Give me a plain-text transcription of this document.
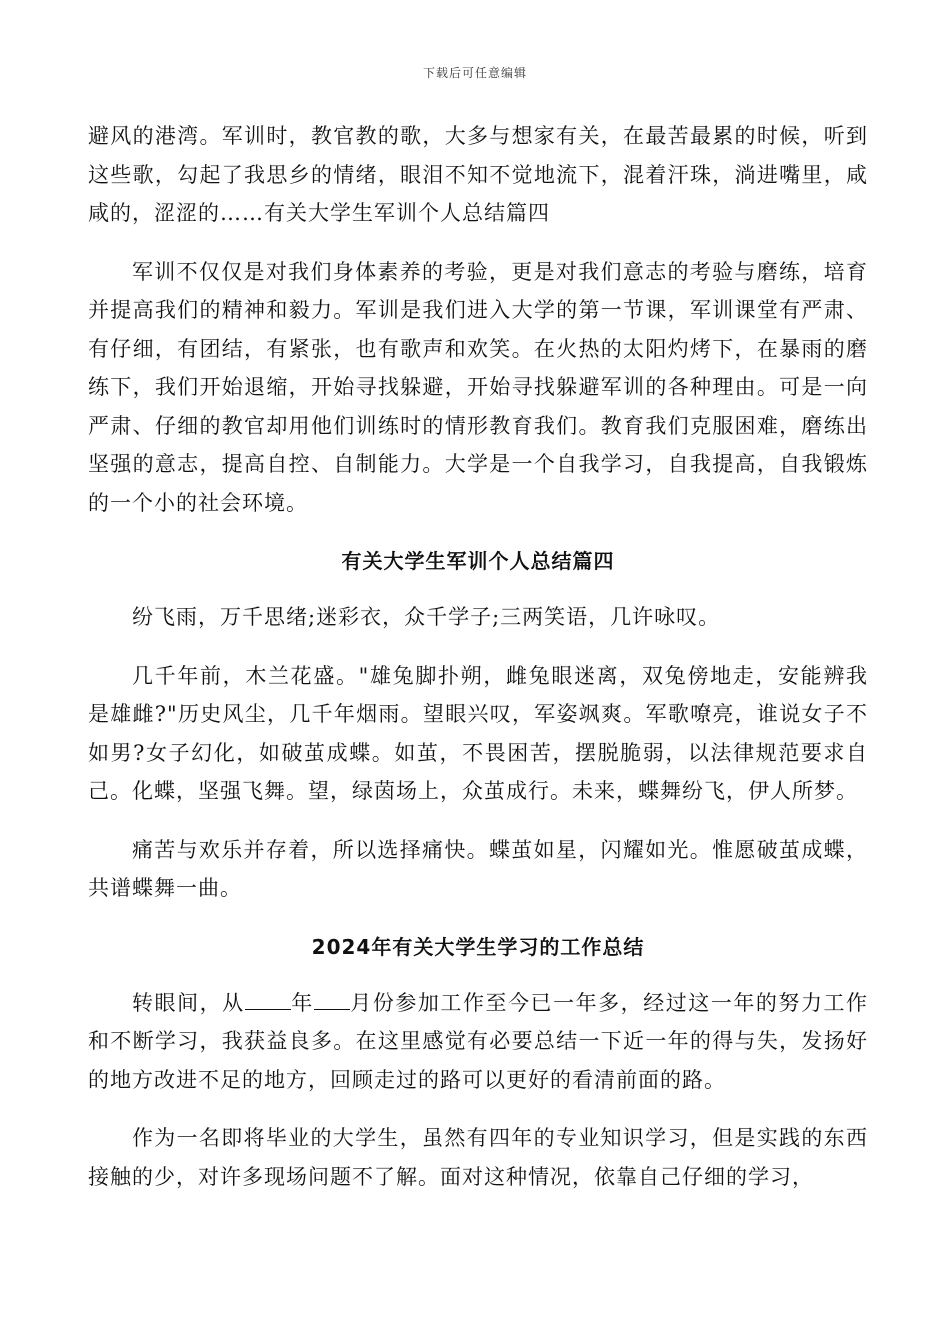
下载后可任意编辑

避风的港湾。军训时，教官教的歌，大多与想家有关，在最苦最累的时候，听到这些歌，勾起了我思乡的情绪，眼泪不知不觉地流下，混着汗珠，淌进嘴里，咸咸的，涩涩的……有关大学生军训个人总结篇四

军训不仅仅是对我们身体素养的考验，更是对我们意志的考验与磨练，培育并提高我们的精神和毅力。军训是我们进入大学的第一节课，军训课堂有严肃、有仔细，有团结，有紧张，也有歌声和欢笑。在火热的太阳灼烤下，在暴雨的磨练下，我们开始退缩，开始寻找躲避，开始寻找躲避军训的各种理由。可是一向严肃、仔细的教官却用他们训练时的情形教育我们。教育我们克服困难，磨练出坚强的意志，提高自控、自制能力。大学是一个自我学习，自我提高，自我锻炼的一个小的社会环境。

有关大学生军训个人总结篇四

纷飞雨，万千思绪;迷彩衣，众千学子;三两笑语，几许咏叹。

几千年前，木兰花盛。"雄兔脚扑朔，雌兔眼迷离，双兔傍地走，安能辨我是雄雌?"历史风尘，几千年烟雨。望眼兴叹，军姿飒爽。军歌嘹亮，谁说女子不如男?女子幻化，如破茧成蝶。如茧，不畏困苦，摆脱脆弱，以法律规范要求自己。化蝶，坚强飞舞。望，绿茵场上，众茧成行。未来，蝶舞纷飞，伊人所梦。

痛苦与欢乐并存着，所以选择痛快。蝶茧如星，闪耀如光。惟愿破茧成蝶，共谱蝶舞一曲。

2024年有关大学生学习的工作总结

转眼间，从 年 月份参加工作至今已一年多，经过这一年的努力工作和不断学习，我获益良多。在这里感觉有必要总结一下近一年的得与失，发扬好的地方改进不足的地方，回顾走过的路可以更好的看清前面的路。

作为一名即将毕业的大学生，虽然有四年的专业知识学习，但是实践的东西接触的少，对许多现场问题不了解。面对这种情况，依靠自己仔细的学习，
